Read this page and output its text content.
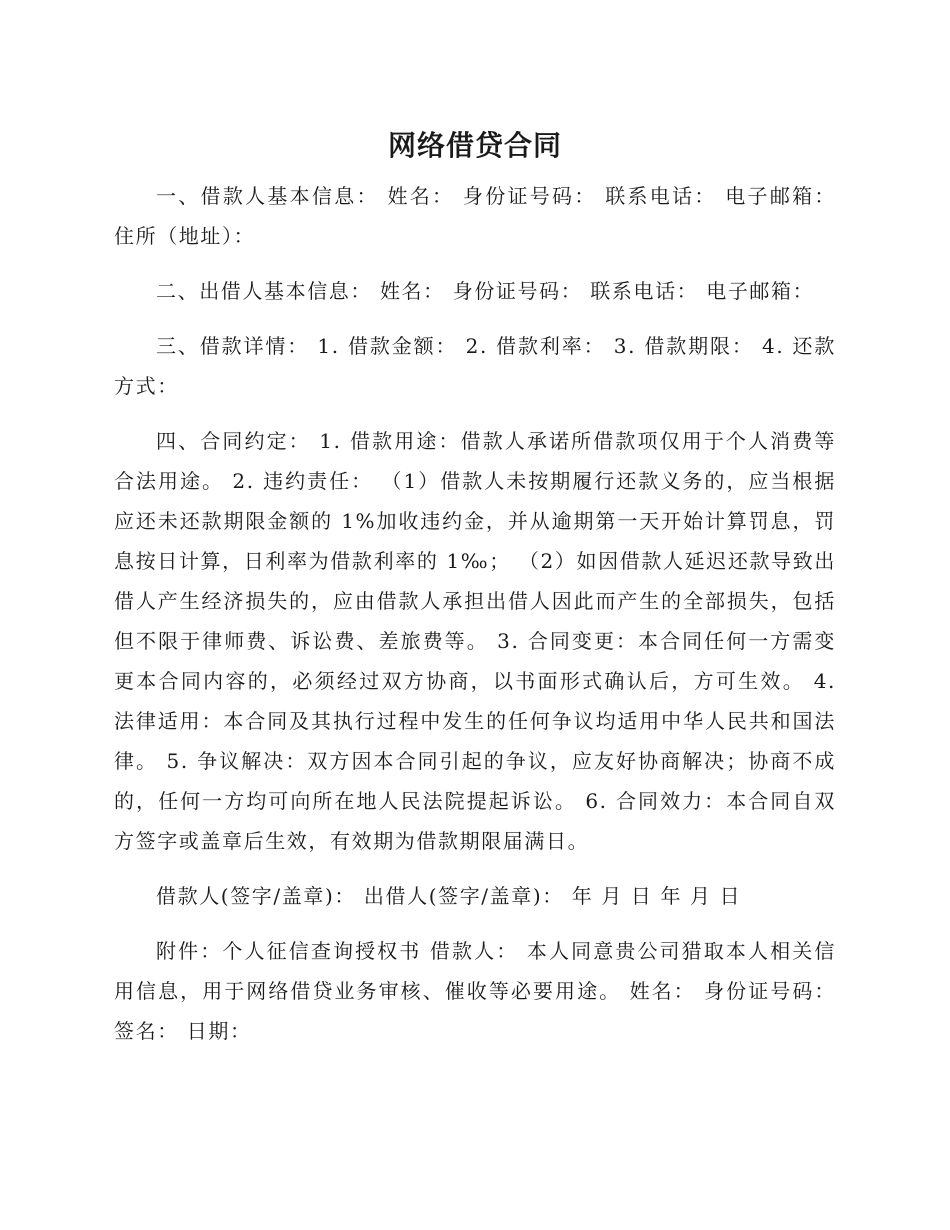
网络借贷合同

一、借款人基本信息： 姓名： 身份证号码： 联系电话： 电子邮箱： 住所（地址）：

二、出借人基本信息： 姓名： 身份证号码： 联系电话： 电子邮箱：

三、借款详情： 1. 借款金额： 2. 借款利率： 3. 借款期限： 4. 还款方式：

四、合同约定： 1. 借款用途：借款人承诺所借款项仅用于个人消费等合法用途。 2. 违约责任： （1）借款人未按期履行还款义务的，应当根据应还未还款期限金额的 1%加收违约金，并从逾期第一天开始计算罚息，罚息按日计算，日利率为借款利率的 1‰； （2）如因借款人延迟还款导致出借人产生经济损失的，应由借款人承担出借人因此而产生的全部损失，包括但不限于律师费、诉讼费、差旅费等。 3. 合同变更：本合同任何一方需变更本合同内容的，必须经过双方协商，以书面形式确认后，方可生效。 4. 法律适用：本合同及其执行过程中发生的任何争议均适用中华人民共和国法律。 5. 争议解决：双方因本合同引起的争议，应友好协商解决；协商不成的，任何一方均可向所在地人民法院提起诉讼。 6. 合同效力：本合同自双方签字或盖章后生效，有效期为借款期限届满日。

借款人(签字/盖章)： 出借人(签字/盖章)： 年 月 日 年 月 日

附件：个人征信查询授权书 借款人： 本人同意贵公司猎取本人相关信用信息，用于网络借贷业务审核、催收等必要用途。 姓名： 身份证号码： 签名： 日期：
